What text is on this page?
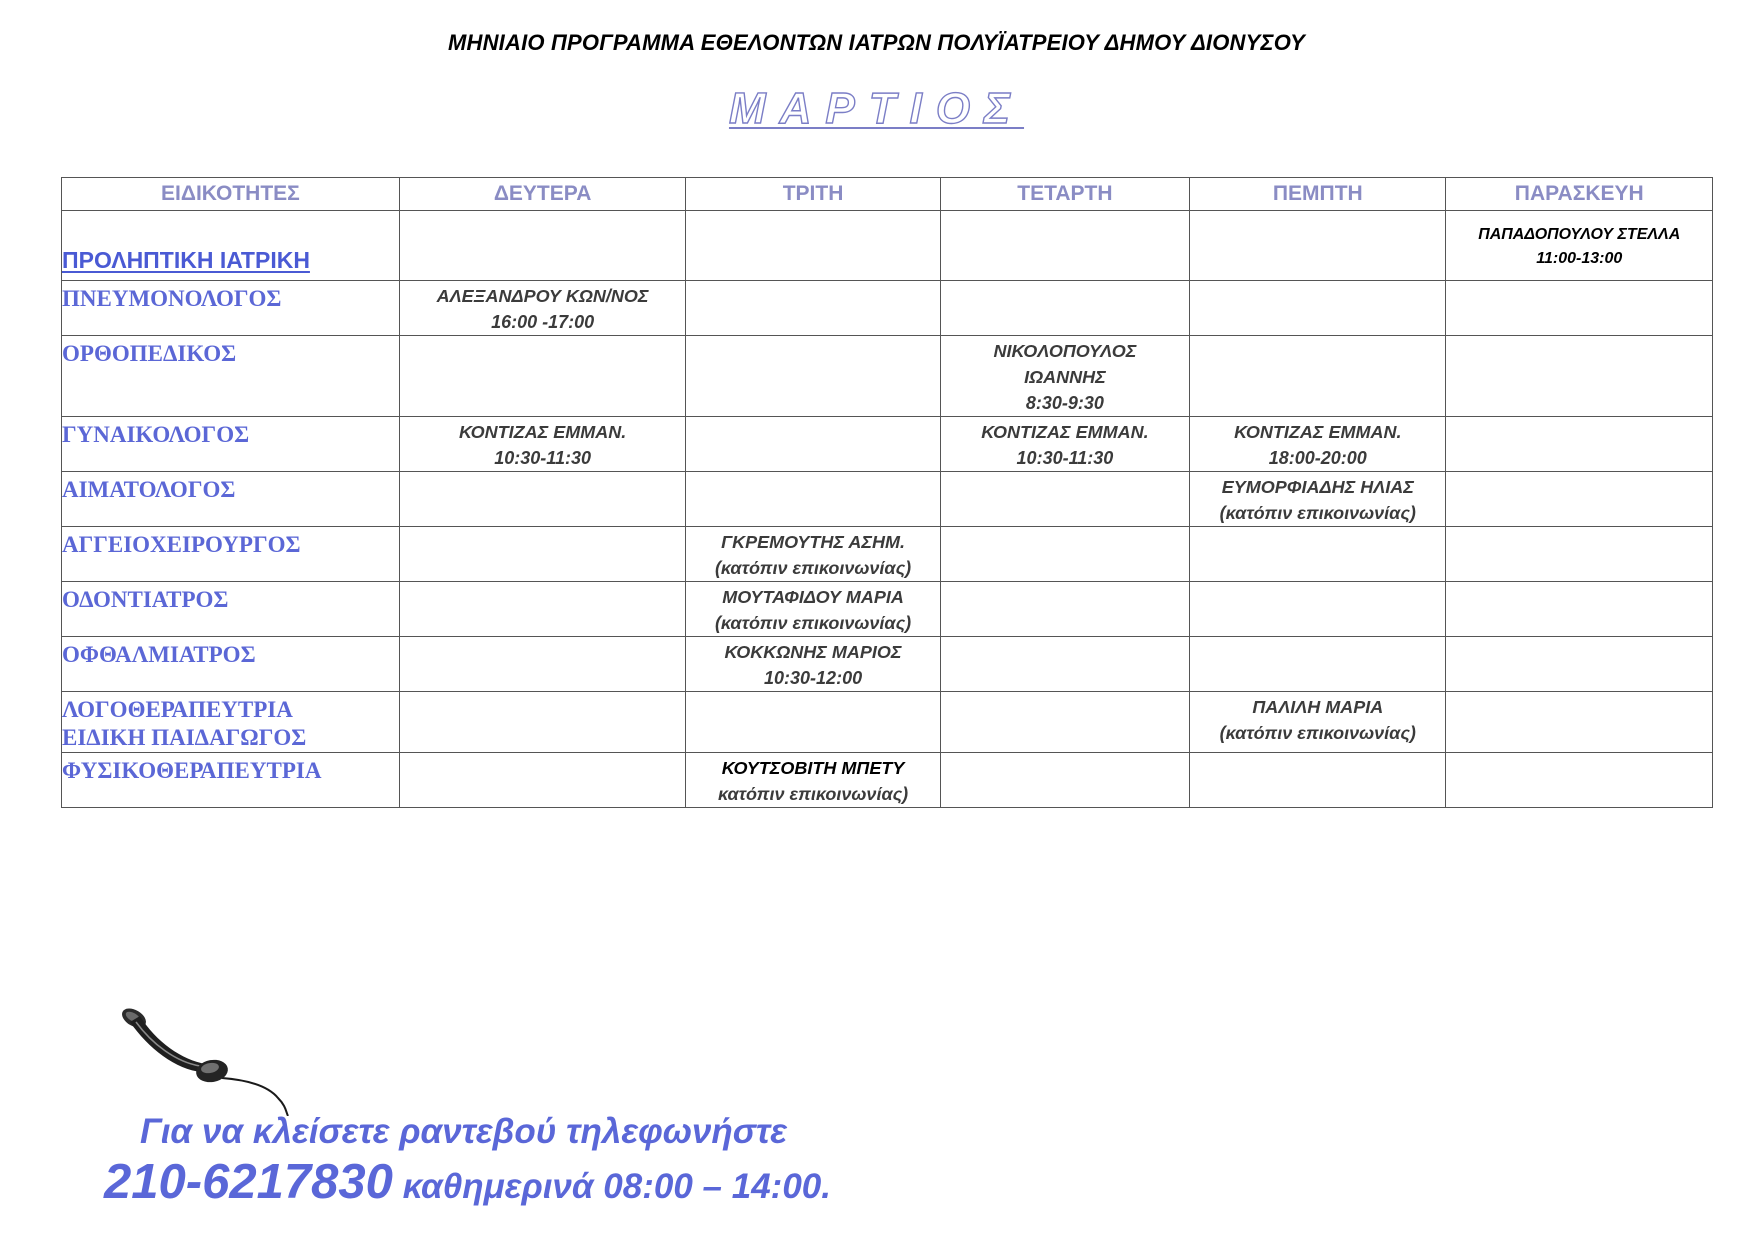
ΜΗΝΙΑΙΟ ΠΡΟΓΡΑΜΜΑ ΕΘΕΛΟΝΤΩΝ ΙΑΤΡΩΝ ΠΟΛΥΪΑΤΡΕΙΟΥ ΔΗΜΟΥ ΔΙΟΝΥΣΟΥ
ΜΑΡΤΙΟΣ
ΕΙΔΙΚΟΤΗΤΕΣ	ΔΕΥΤΕΡΑ	ΤΡΙΤΗ	ΤΕΤΑΡΤΗ	ΠΕΜΠΤΗ	ΠΑΡΑΣΚΕΥΗ
ΠΡΟΛΗΠΤΙΚΗ ΙΑΤΡΙΚΗ					ΠΑΠΑΔΟΠΟΥΛΟΥ ΣΤΕΛΛΑ
11:00-13:00

ΠΝΕΥΜΟΝΟΛΟΓΟΣ	ΑΛΕΞΑΝΔΡΟΥ ΚΩΝ/ΝΟΣ
16:00 -17:00				

ΟΡΘΟΠΕΔΙΚΟΣ			ΝΙΚΟΛΟΠΟΥΛΟΣ
ΙΩΑΝΝΗΣ
8:30-9:30		

ΓΥΝΑΙΚΟΛΟΓΟΣ	ΚΟΝΤΙΖΑΣ ΕΜΜΑΝ.
10:30-11:30		ΚΟΝΤΙΖΑΣ ΕΜΜΑΝ.
10:30-11:30	ΚΟΝΤΙΖΑΣ ΕΜΜΑΝ.
18:00-20:00	

ΑΙΜΑΤΟΛΟΓΟΣ				ΕΥΜΟΡΦΙΑΔΗΣ ΗΛΙΑΣ
(κατόπιν επικοινωνίας)	

ΑΓΓΕΙΟΧΕΙΡΟΥΡΓΟΣ		ΓΚΡΕΜΟΥΤΗΣ ΑΣΗΜ.
(κατόπιν επικοινωνίας)			

ΟΔΟΝΤΙΑΤΡΟΣ		ΜΟΥΤΑΦΙΔΟΥ ΜΑΡΙΑ
(κατόπιν επικοινωνίας)			

ΟΦΘΑΛΜΙΑΤΡΟΣ		ΚΟΚΚΩΝΗΣ ΜΑΡΙΟΣ
10:30-12:00			

ΛΟΓΟΘΕΡΑΠΕΥΤΡΙΑ
ΕΙΔΙΚΗ ΠΑΙΔΑΓΩΓΟΣ				ΠΑΛΙΛΗ ΜΑΡΙΑ
(κατόπιν επικοινωνίας)	

ΦΥΣΙΚΟΘΕΡΑΠΕΥΤΡΙΑ		ΚΟΥΤΣΟΒΙΤΗ ΜΠΕΤΥ
κατόπιν επικοινωνίας)			

Για να κλείσετε ραντεβού τηλεφωνήστε
210-6217830 καθημερινά 08:00 – 14:00.
